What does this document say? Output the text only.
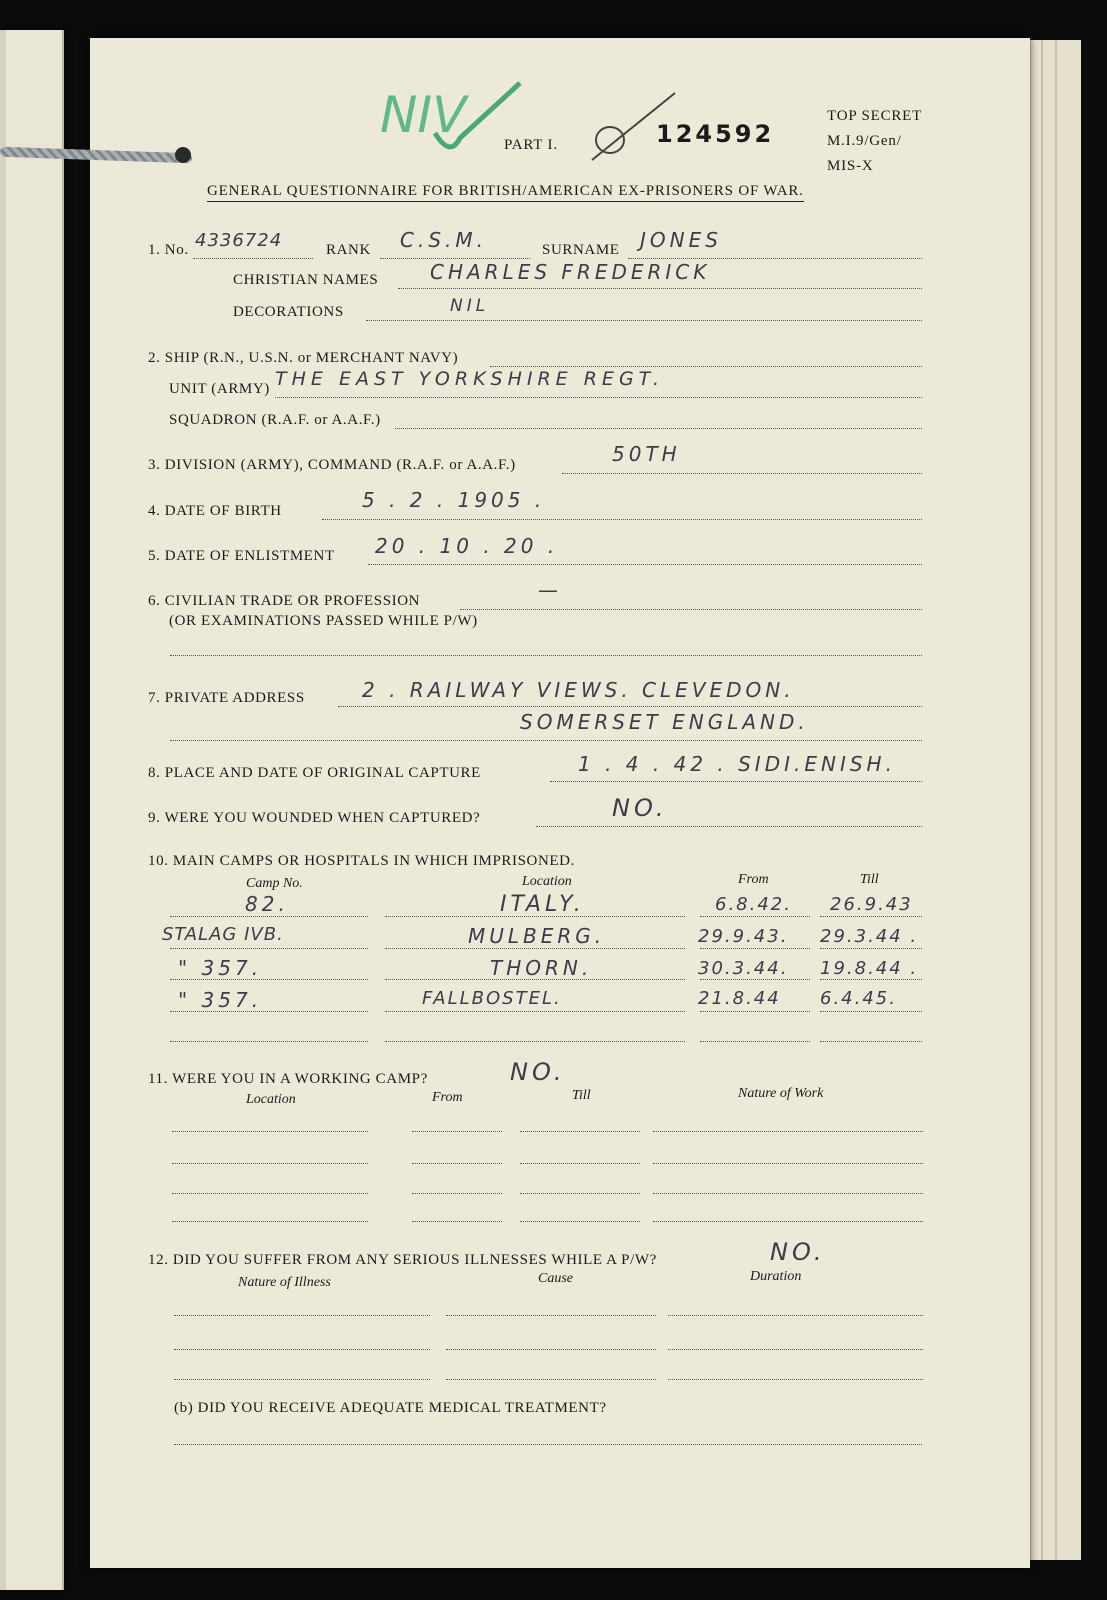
NIV
PART I.	124592
TOP SECRET
M.I.9/Gen/
MIS-X
GENERAL QUESTIONNAIRE FOR BRITISH/AMERICAN EX-PRISONERS OF WAR.
1. No. 4336724	RANK C.S.M.	SURNAME JONES
CHRISTIAN NAMES	CHARLES FREDERICK
DECORATIONS	NIL
2. SHIP (R.N., U.S.N. or MERCHANT NAVY)
UNIT (ARMY) THE EAST YORKSHIRE REGT.
SQUADRON (R.A.F. or A.A.F.)
3. DIVISION (ARMY), COMMAND (R.A.F. or A.A.F.)	50TH
4. DATE OF BIRTH	5 . 2 . 1905 .
5. DATE OF ENLISTMENT 20 . 10 . 20 .
6. CIVILIAN TRADE OR PROFESSION	—
(OR EXAMINATIONS PASSED WHILE P/W)
7. PRIVATE ADDRESS	2 . RAILWAY VIEWS. CLEVEDON.
SOMERSET ENGLAND.
8. PLACE AND DATE OF ORIGINAL CAPTURE	1 . 4 . 42 . SIDI.ENISH.
9. WERE YOU WOUNDED WHEN CAPTURED?	NO.
10. MAIN CAMPS OR HOSPITALS IN WHICH IMPRISONED.
Camp No.	Location	From	Till
82.	ITALY.	6.8.42. 26.9.43
STALAG IVB.	MULBERG.	29.9.43. 29.3.44 .
" 357.	THORN.	30.3.44. 19.8.44 .
" 357.	FALLBOSTEL.	21.8.44 6.4.45.
11. WERE YOU IN A WORKING CAMP?	NO.
Location	From	Till	Nature of Work
12. DID YOU SUFFER FROM ANY SERIOUS ILLNESSES WHILE A P/W?	NO.
Nature of Illness	Cause	Duration
(b) DID YOU RECEIVE ADEQUATE MEDICAL TREATMENT?
